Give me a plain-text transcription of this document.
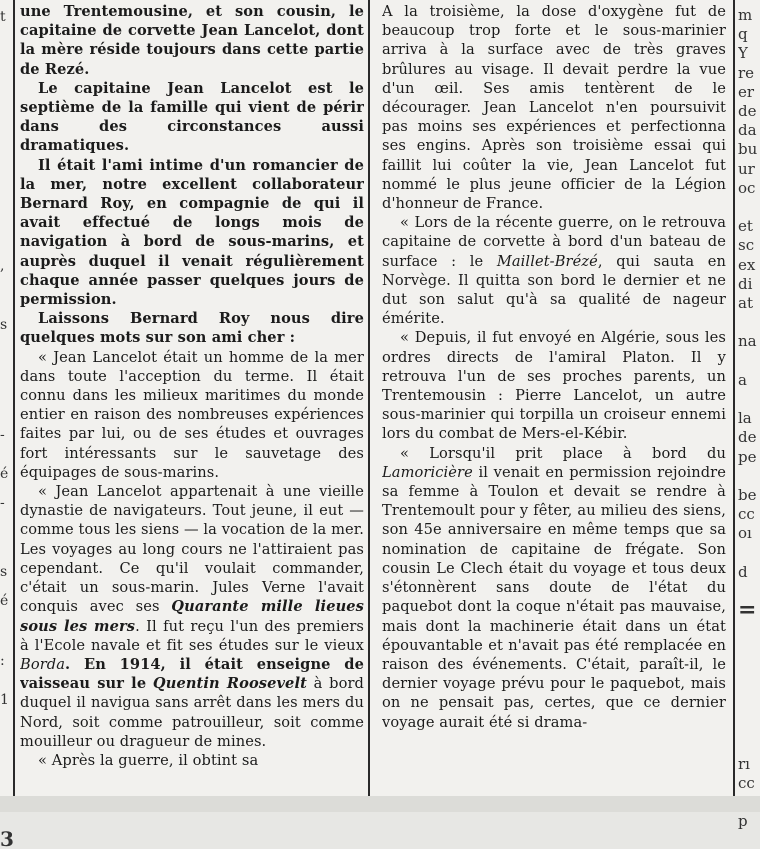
t
,
s
-
é
-
s
é
:
1
3

une Trentemousine, et son cousin, le capitaine de corvette Jean Lancelot, dont la mère réside toujours dans cette partie de Rezé.

Le capitaine Jean Lancelot est le septième de la famille qui vient de périr dans des circonstances aussi dramatiques.

Il était l'ami intime d'un romancier de la mer, notre excellent collaborateur Bernard Roy, en compagnie de qui il avait effectué de longs mois de navigation à bord de sous-marins, et auprès duquel il venait régulièrement chaque année passer quelques jours de permission.

Laissons Bernard Roy nous dire quelques mots sur son ami cher :

« Jean Lancelot était un homme de la mer dans toute l'acception du terme. Il était connu dans les milieux maritimes du monde entier en raison des nombreuses expériences faites par lui, ou de ses études et ouvrages fort intéressants sur le sauvetage des équipages de sous-marins.

« Jean Lancelot appartenait à une vieille dynastie de navigateurs. Tout jeune, il eut — comme tous les siens — la vocation de la mer. Les voyages au long cours ne l'attiraient pas cependant. Ce qu'il voulait commander, c'était un sous-marin. Jules Verne l'avait conquis avec ses Quarante mille lieues sous les mers. Il fut reçu l'un des premiers à l'Ecole navale et fit ses études sur le vieux Borda. En 1914, il était enseigne de vaisseau sur le Quentin Roosevelt à bord duquel il navigua sans arrêt dans les mers du Nord, soit comme patrouilleur, soit comme mouilleur ou dragueur de mines.

« Après la guerre, il obtint sa

A la troisième, la dose d'oxygène fut de beaucoup trop forte et le sous-marinier arriva à la surface avec de très graves brûlures au visage. Il devait perdre la vue d'un œil. Ses amis tentèrent de le décourager. Jean Lancelot n'en poursuivit pas moins ses expériences et perfectionna ses engins. Après son troisième essai qui faillit lui coûter la vie, Jean Lancelot fut nommé le plus jeune officier de la Légion d'honneur de France.

« Lors de la récente guerre, on le retrouva capitaine de corvette à bord d'un bateau de surface : le Maillet-Brézé, qui sauta en Norvège. Il quitta son bord le dernier et ne dut son salut qu'à sa qualité de nageur émérite.

« Depuis, il fut envoyé en Algérie, sous les ordres directs de l'amiral Platon. Il y retrouva l'un de ses proches parents, un Trentemousin : Pierre Lancelot, un autre sous-marinier qui torpilla un croiseur ennemi lors du combat de Mers-el-Kébir.

« Lorsqu'il prit place à bord du Lamoricière il venait en permission rejoindre sa femme à Toulon et devait se rendre à Trentemoult pour y fêter, au milieu des siens, son 45e anniversaire en même temps que sa nomination de capitaine de frégate. Son cousin Le Clech était du voyage et tous deux s'étonnèrent sans doute de l'état du paquebot dont la coque n'était pas mauvaise, mais dont la machinerie était dans un état épouvantable et n'avait pas été remplacée en raison des événements. C'était, paraît-il, le dernier voyage prévu pour le paquebot, mais on ne pensait pas, certes, que ce dernier voyage aurait été si drama-

m
q
Y
re
er
de
da
bu
ur
oc

et
sc
ex
di
at

na

a

la
de
pe

be
cc
oı

d

=
rı
cc
p
